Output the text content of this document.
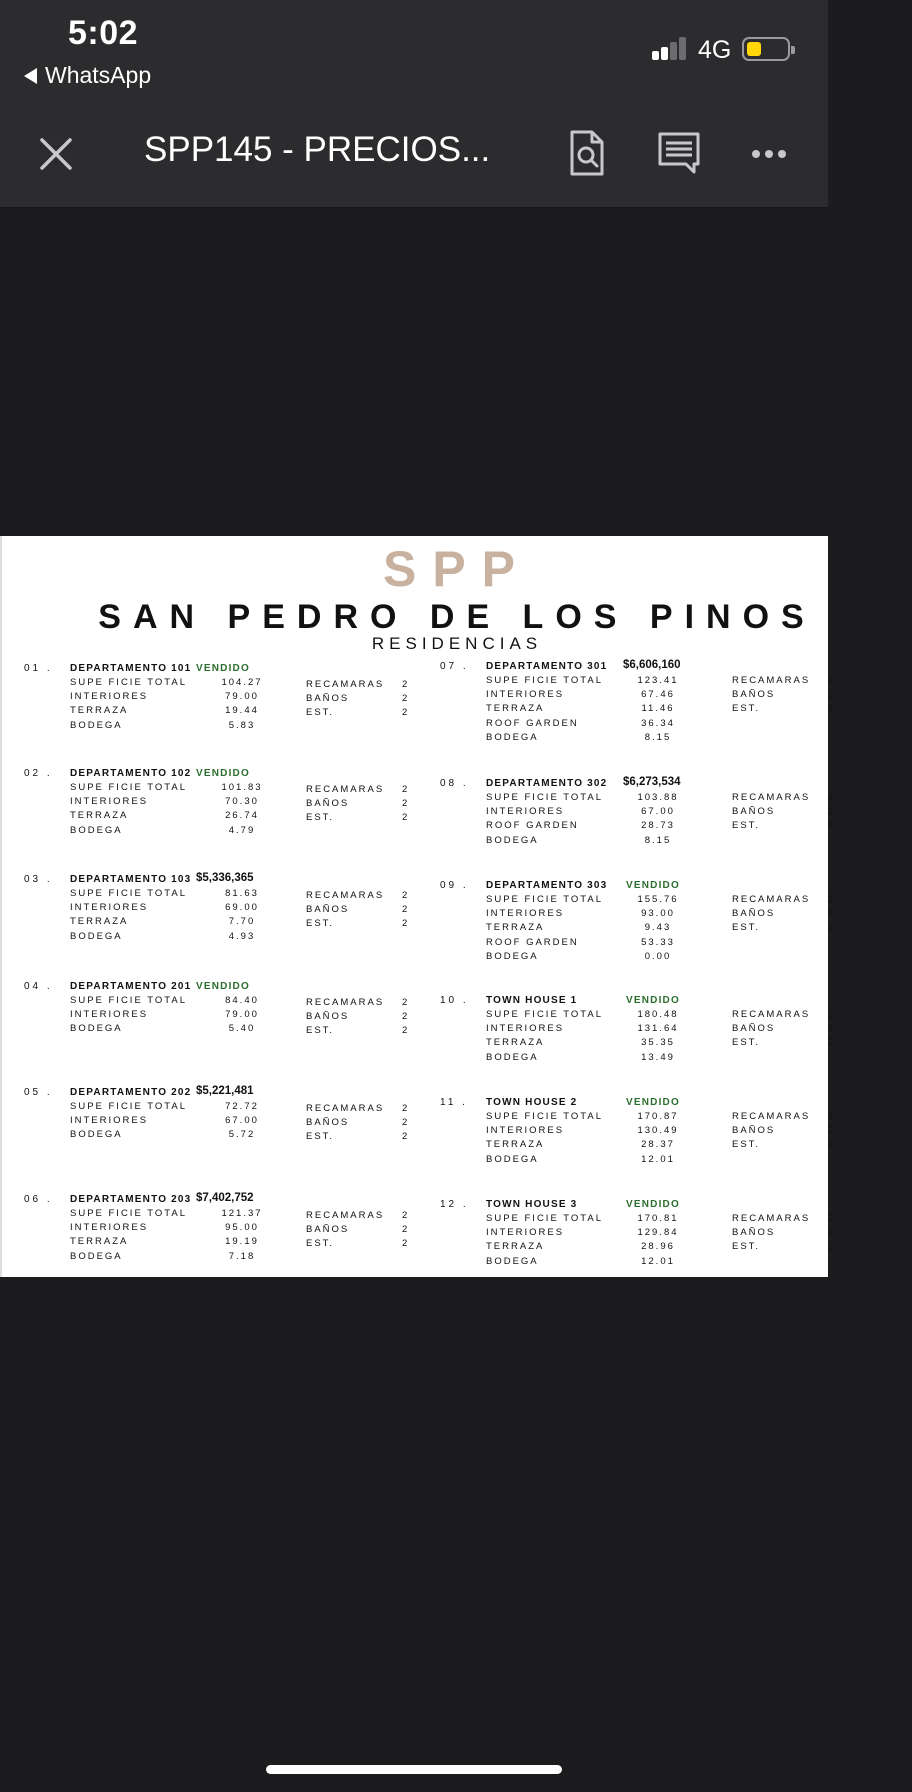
5:02
WhatsApp
4G
SPP145 - PRECIOS...
SPP
SAN PEDRO DE LOS PINOS
RESIDENCIAS
01 . DEPARTAMENTO 101 VENDIDO
SUPE FICIE TOTAL	104.27
INTERIORES	79.00
TERRAZA	19.44
BODEGA	5.83
RECAMARAS 2
BAÑOS	2
EST.	2
02 . DEPARTAMENTO 102 VENDIDO
SUPE FICIE TOTAL	101.83
INTERIORES	70.30
TERRAZA	26.74
BODEGA	4.79
RECAMARAS 2
BAÑOS	2
EST.	2
03 . DEPARTAMENTO 103 $5,336,365
SUPE FICIE TOTAL	81.63
INTERIORES	69.00
TERRAZA	7.70
BODEGA	4.93
RECAMARAS 2
BAÑOS	2
EST.	2
04 . DEPARTAMENTO 201 VENDIDO
SUPE FICIE TOTAL	84.40
INTERIORES	79.00
BODEGA	5.40
RECAMARAS 2
BAÑOS	2
EST.	2
05 . DEPARTAMENTO 202 $5,221,481
SUPE FICIE TOTAL	72.72
INTERIORES	67.00
BODEGA	5.72
RECAMARAS 2
BAÑOS	2
EST.	2
06 . DEPARTAMENTO 203 $7,402,752
SUPE FICIE TOTAL	121.37
INTERIORES	95.00
TERRAZA	19.19
BODEGA	7.18
RECAMARAS 2
BAÑOS	2
EST.	2
07 . DEPARTAMENTO 301 $6,606,160
SUPE FICIE TOTAL	123.41
INTERIORES	67.46
TERRAZA	11.46
ROOF GARDEN	36.34
BODEGA	8.15
RECAMARAS 2
BAÑOS	2
EST.	2
08 . DEPARTAMENTO 302 $6,273,534
SUPE FICIE TOTAL	103.88
INTERIORES	67.00
ROOF GARDEN	28.73
BODEGA	8.15
RECAMARAS 2
BAÑOS	2
EST.	2
09 . DEPARTAMENTO 303 VENDIDO
SUPE FICIE TOTAL	155.76
INTERIORES	93.00
TERRAZA	9.43
ROOF GARDEN	53.33
BODEGA	0.00
RECAMARAS 2
BAÑOS	2
EST.	2
10 . TOWN HOUSE 1	VENDIDO
SUPE FICIE TOTAL	180.48
INTERIORES	131.64
TERRAZA	35.35
BODEGA	13.49
RECAMARAS 2
BAÑOS	2
EST.	2
11 . TOWN HOUSE 2	VENDIDO
SUPE FICIE TOTAL	170.87
INTERIORES	130.49
TERRAZA	28.37
BODEGA	12.01
RECAMARAS 2
BAÑOS	2
EST.	2
12 . TOWN HOUSE 3	VENDIDO
SUPE FICIE TOTAL	170.81
INTERIORES	129.84
TERRAZA	28.96
BODEGA	12.01
RECAMARAS 2
BAÑOS	2
EST.	2
